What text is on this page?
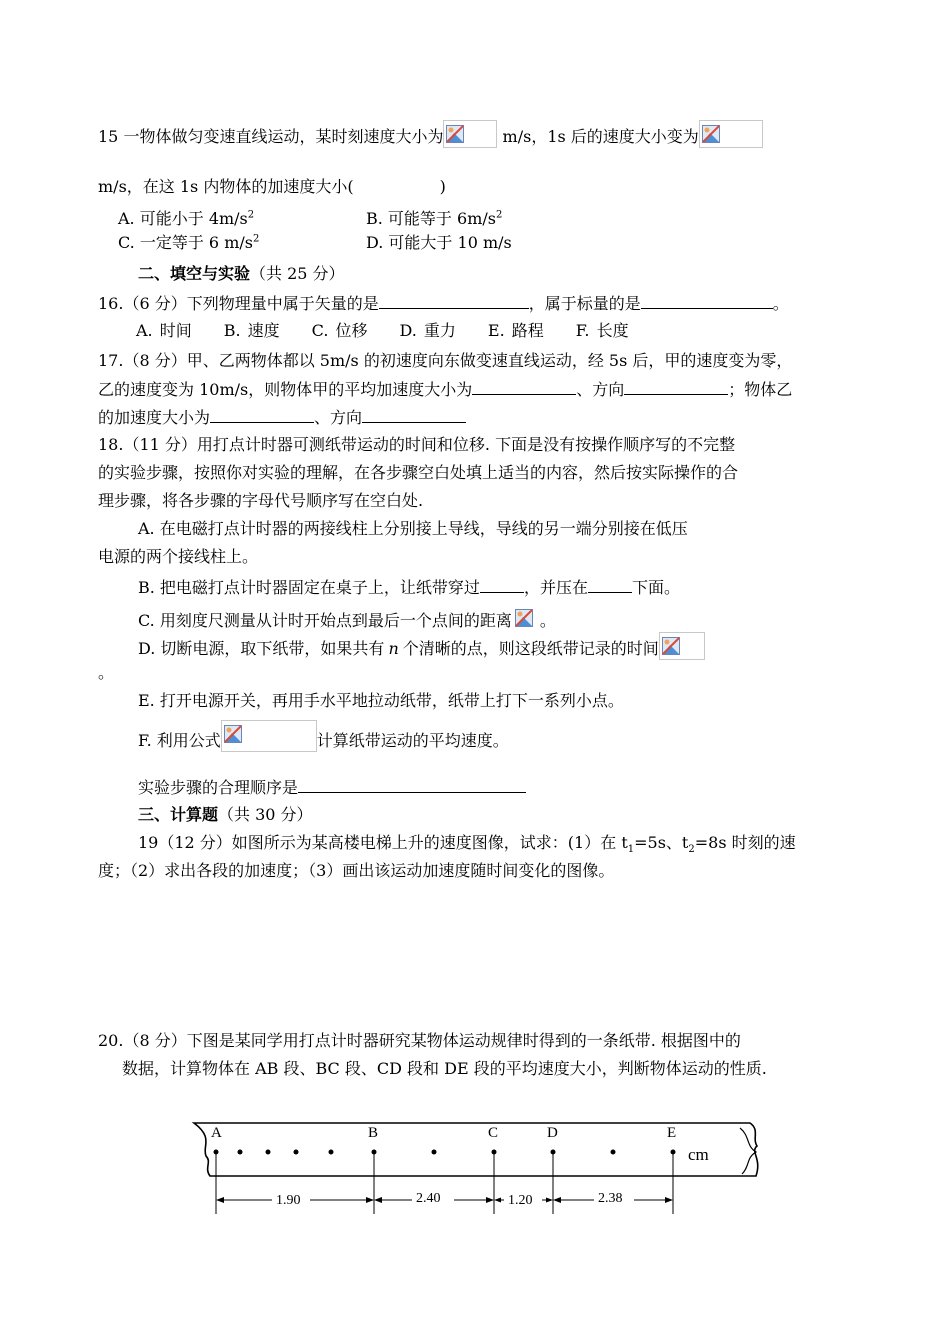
15 一物体做匀变速直线运动，某时刻速度大小为	m/s，1s 后的速度大小变为
m/s，在这 1s 内物体的加速度大小(	)
A. 可能小于 $4m/s^2$	B. 可能等于 $6m/s^2$
C. 一定等于 6 $m/s^2$	D. 可能大于 10 m/s
二、填空与实验（共 25 分）
16.（6 分）下列物理量中属于矢量的是	，属于标量的是	。
A. 时间　　B. 速度　　C. 位移　　D. 重力　　E. 路程　　F. 长度
17.（8 分）甲、乙两物体都以 5m/s 的初速度向东做变速直线运动，经 5s 后，甲的速度变为零，
乙的速度变为 10m/s，则物体甲的平均加速度大小为	、方向	；物体乙
的加速度大小为	、方向
18.（11 分）用打点计时器可测纸带运动的时间和位移. 下面是没有按操作顺序写的不完整
的实验步骤，按照你对实验的理解，在各步骤空白处填上适当的内容，然后按实际操作的合
理步骤，将各步骤的字母代号顺序写在空白处.
A. 在电磁打点计时器的两接线柱上分别接上导线，导线的另一端分别接在低压
电源的两个接线柱上。
B. 把电磁打点计时器固定在桌子上，让纸带穿过	，并压在	下面。
C. 用刻度尺测量从计时开始点到最后一个点间的距离 。
D. 切断电源，取下纸带，如果共有 n 个清晰的点，则这段纸带记录的时间
。
E. 打开电源开关，再用手水平地拉动纸带，纸带上打下一系列小点。
F. 利用公式	计算纸带运动的平均速度。
实验步骤的合理顺序是
三、计算题（共 30 分）
19（12 分）如图所示为某高楼电梯上升的速度图像，试求：(1）在 $t_1=5s$、$t_2=8s$ 时刻的速
度；（2）求出各段的加速度；（3）画出该运动加速度随时间变化的图像。
20.（8 分）下图是某同学用打点计时器研究某物体运动规律时得到的一条纸带. 根据图中的
数据，计算物体在 AB 段、BC 段、CD 段和 DE 段的平均速度大小，判断物体运动的性质.
A	B	C	D	E
cm
1.90	2.40	1.20	2.38
